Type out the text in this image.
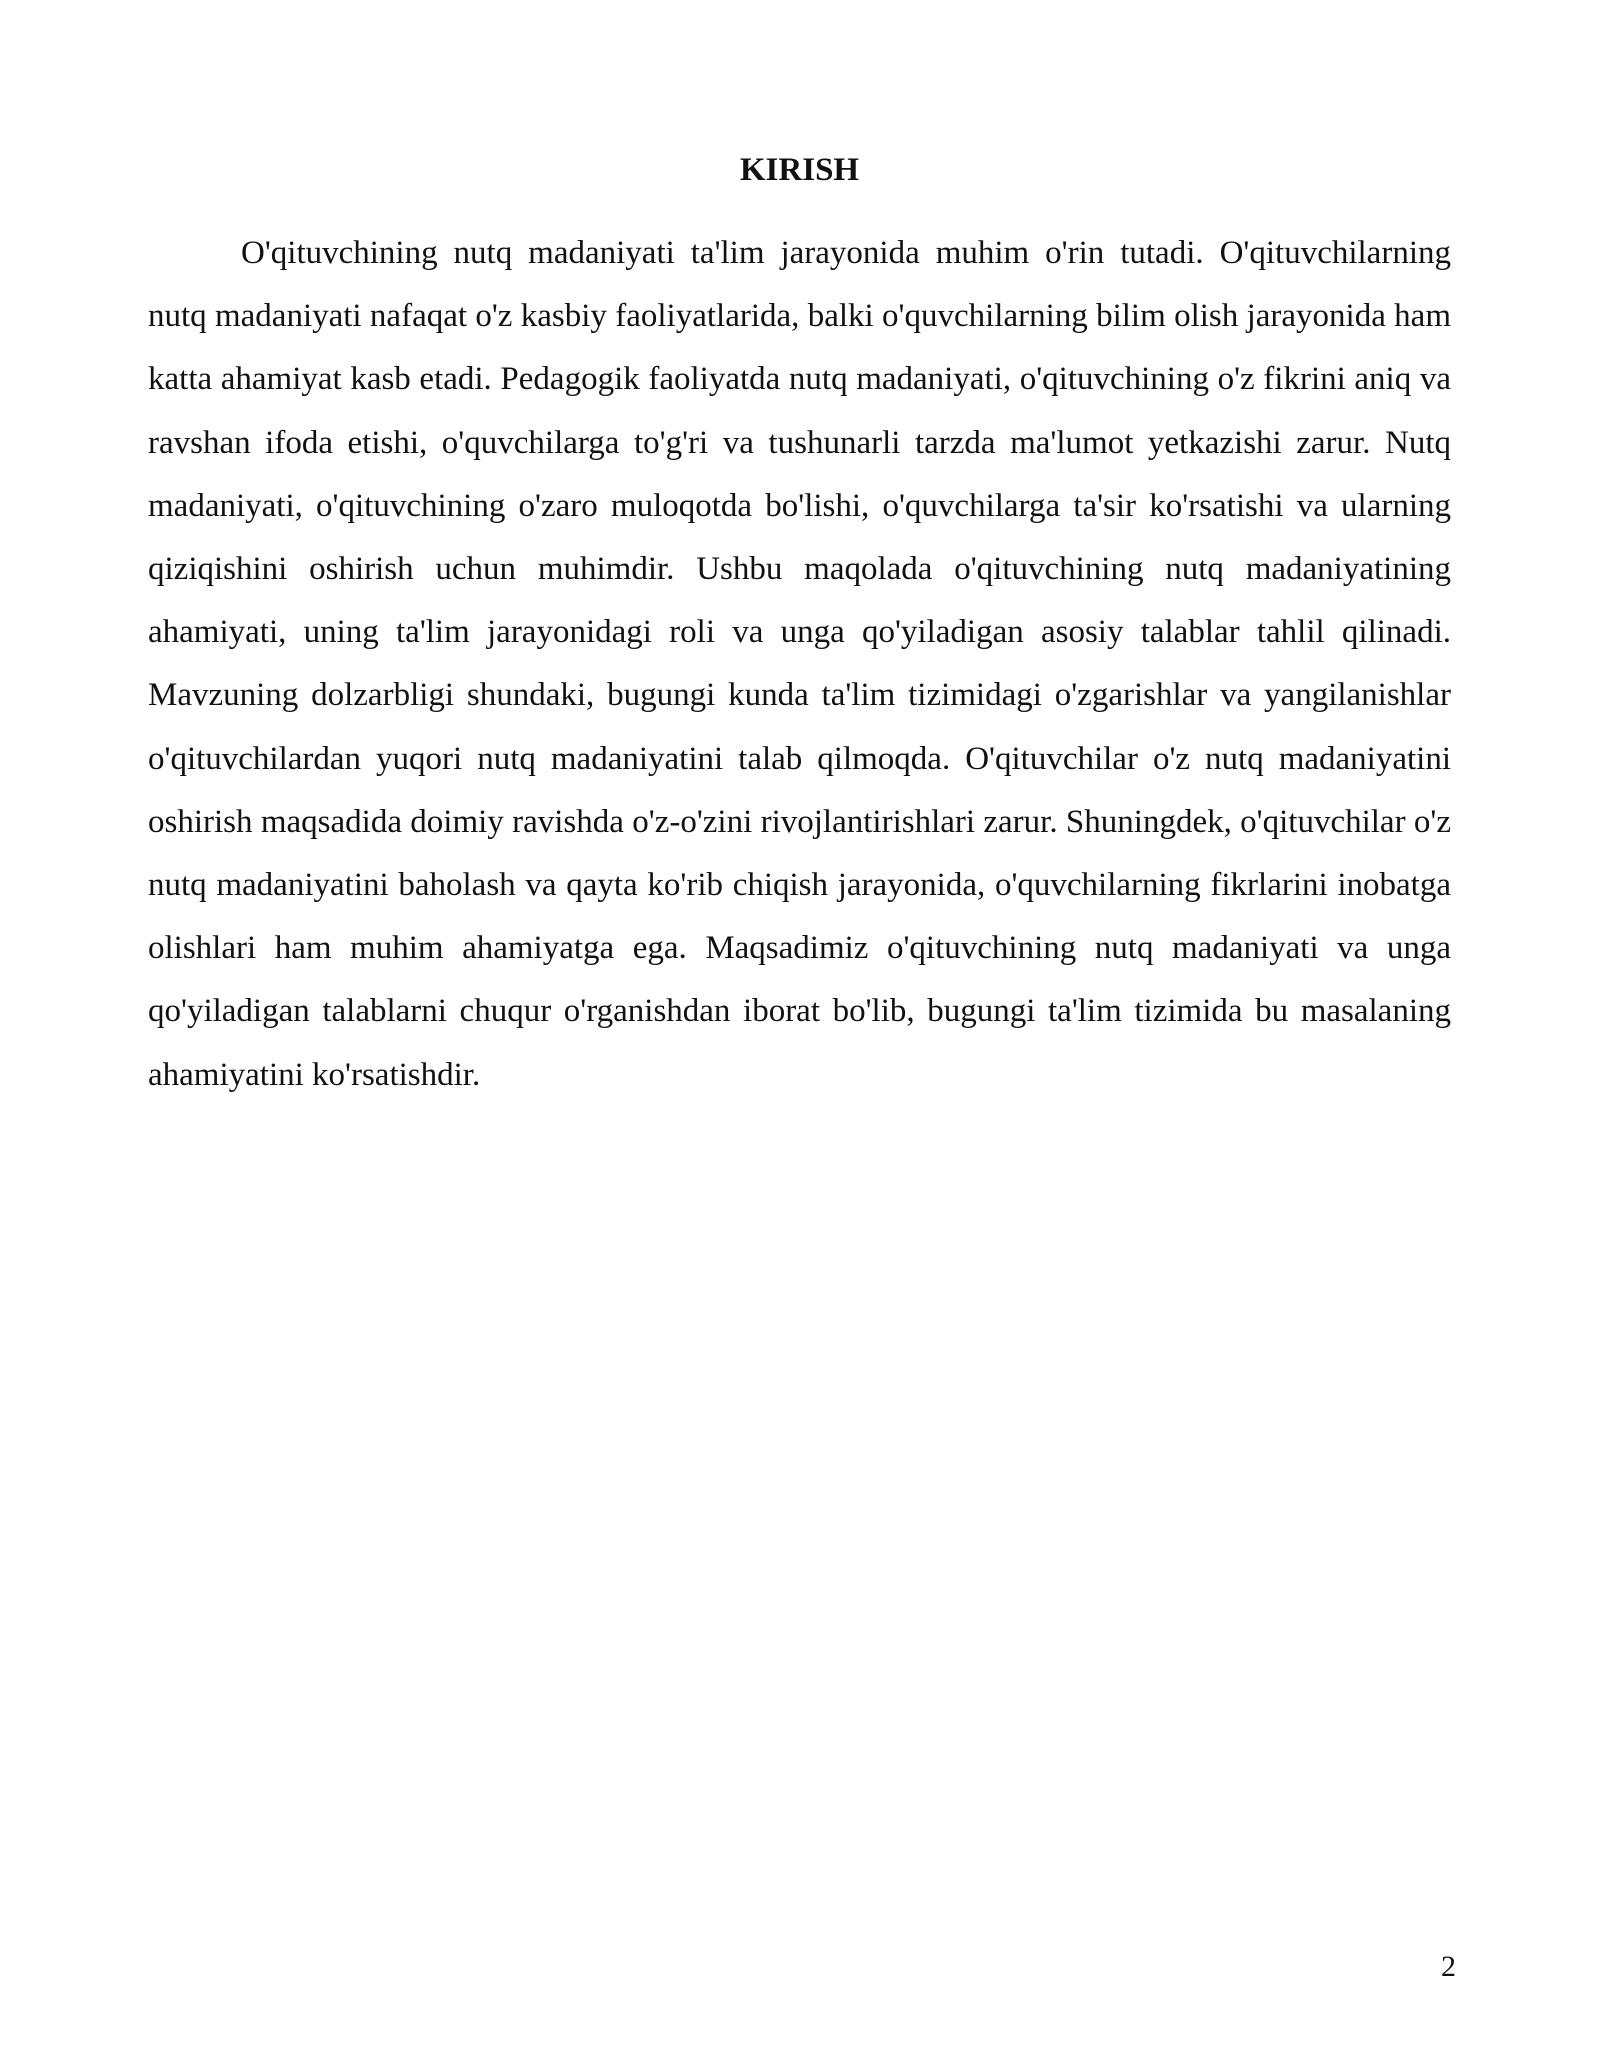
KIRISH

O'qituvchining nutq madaniyati ta'lim jarayonida muhim o'rin tutadi. O'qituvchilarning nutq madaniyati nafaqat o'z kasbiy faoliyatlarida, balki o'quvchilarning bilim olish jarayonida ham katta ahamiyat kasb etadi. Pedagogik faoliyatda nutq madaniyati, o'qituvchining o'z fikrini aniq va ravshan ifoda etishi, o'quvchilarga to'g'ri va tushunarli tarzda ma'lumot yetkazishi zarur. Nutq madaniyati, o'qituvchining o'zaro muloqotda bo'lishi, o'quvchilarga ta'sir ko'rsatishi va ularning qiziqishini oshirish uchun muhimdir. Ushbu maqolada o'qituvchining nutq madaniyatining ahamiyati, uning ta'lim jarayonidagi roli va unga qo'yiladigan asosiy talablar tahlil qilinadi. Mavzuning dolzarbligi shundaki, bugungi kunda ta'lim tizimidagi o'zgarishlar va yangilanishlar o'qituvchilardan yuqori nutq madaniyatini talab qilmoqda. O'qituvchilar o'z nutq madaniyatini oshirish maqsadida doimiy ravishda o'z-o'zini rivojlantirishlari zarur. Shuningdek, o'qituvchilar o'z nutq madaniyatini baholash va qayta ko'rib chiqish jarayonida, o'quvchilarning fikrlarini inobatga olishlari ham muhim ahamiyatga ega. Maqsadimiz o'qituvchining nutq madaniyati va unga qo'yiladigan talablarni chuqur o'rganishdan iborat bo'lib, bugungi ta'lim tizimida bu masalaning ahamiyatini ko'rsatishdir.

2
